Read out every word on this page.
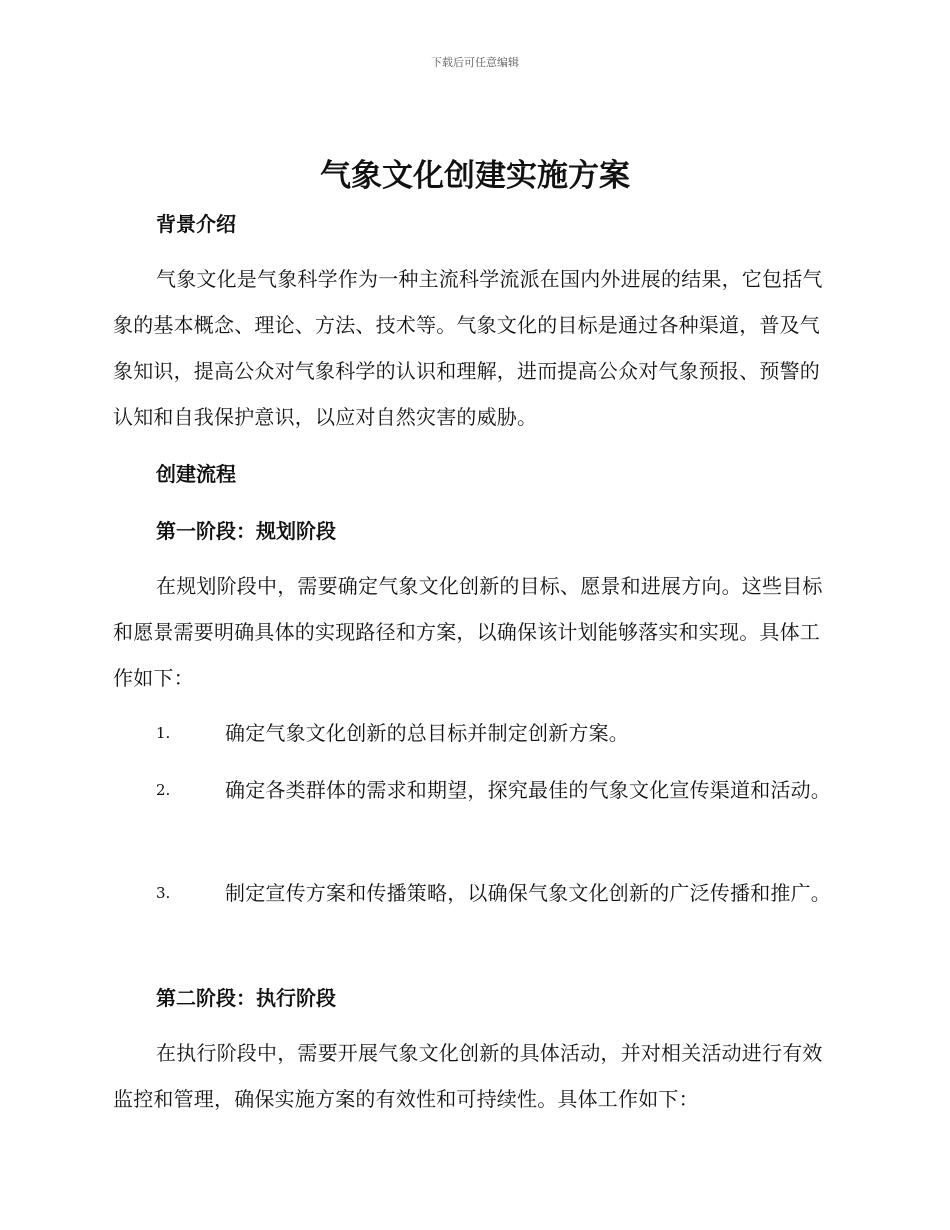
下载后可任意编辑
气象文化创建实施方案
背景介绍
气象文化是气象科学作为一种主流科学流派在国内外进展的结果，它包括气象的基本概念、理论、方法、技术等。气象文化的目标是通过各种渠道，普及气象知识，提高公众对气象科学的认识和理解，进而提高公众对气象预报、预警的认知和自我保护意识，以应对自然灾害的威胁。
创建流程
第一阶段：规划阶段
在规划阶段中，需要确定气象文化创新的目标、愿景和进展方向。这些目标和愿景需要明确具体的实现路径和方案，以确保该计划能够落实和实现。具体工作如下：
1.	确定气象文化创新的总目标并制定创新方案。
2.	确定各类群体的需求和期望，探究最佳的气象文化宣传渠道和活动。
3.	制定宣传方案和传播策略，以确保气象文化创新的广泛传播和推广。
第二阶段：执行阶段
在执行阶段中，需要开展气象文化创新的具体活动，并对相关活动进行有效监控和管理，确保实施方案的有效性和可持续性。具体工作如下：
